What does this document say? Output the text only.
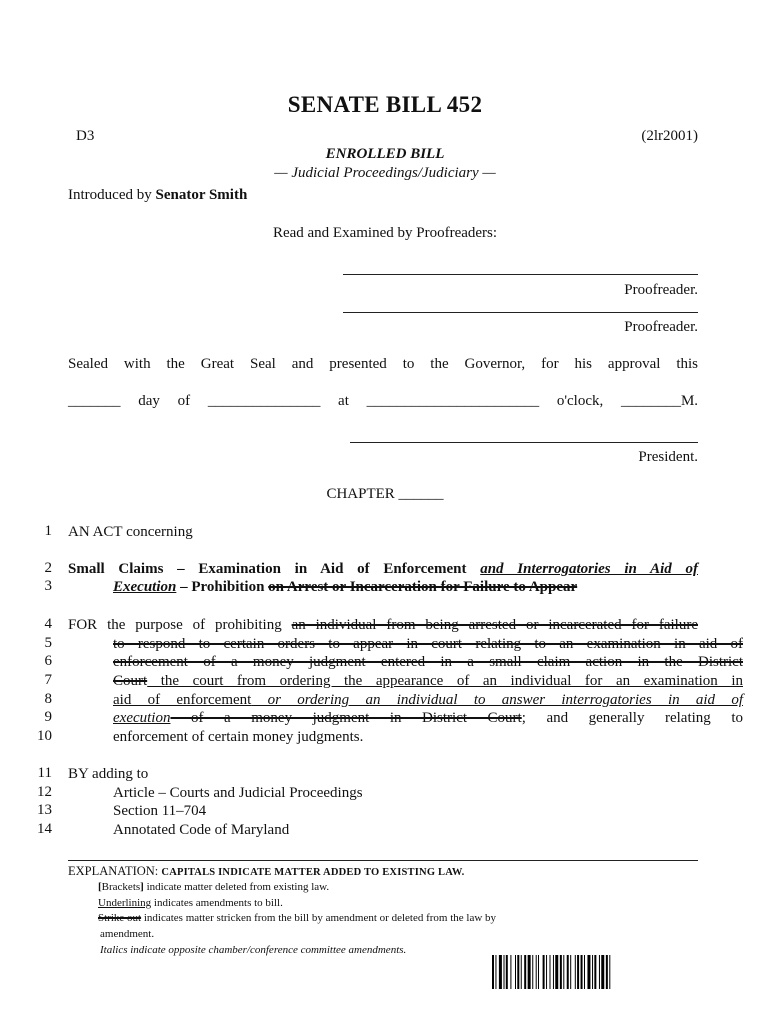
SENATE BILL 452
D3	(2lr2001)
ENROLLED BILL
— Judicial Proceedings/Judiciary —
Introduced by Senator Smith
Read and Examined by Proofreaders:
Proofreader.
Proofreader.
Sealed with the Great Seal and presented to the Governor, for his approval this
_______ day of _______________ at _______________________ o'clock, ________M.
President.
CHAPTER ______
1
2
3
4
5
6
7
8
9
10
11
12
13
14
AN ACT concerning
Small Claims – Examination in Aid of Enforcement and Interrogatories in Aid of
Execution – Prohibition on Arrest or Incarceration for Failure to Appear
FOR the purpose of prohibiting an individual from being arrested or incarcerated for failure
to respond to certain orders to appear in court relating to an examination in aid of
enforcement of a money judgment entered in a small claim action in the District
Court the court from ordering the appearance of an individual for an examination in
aid of enforcement or ordering an individual to answer interrogatories in aid of
execution of a money judgment in District Court; and generally relating to
enforcement of certain money judgments.
BY adding to
Article – Courts and Judicial Proceedings
Section 11–704
Annotated Code of Maryland
EXPLANATION: CAPITALS INDICATE MATTER ADDED TO EXISTING LAW.
[Brackets] indicate matter deleted from existing law.
Underlining indicates amendments to bill.
Strike out indicates matter stricken from the bill by amendment or deleted from the law by
amendment.
Italics indicate opposite chamber/conference committee amendments.
